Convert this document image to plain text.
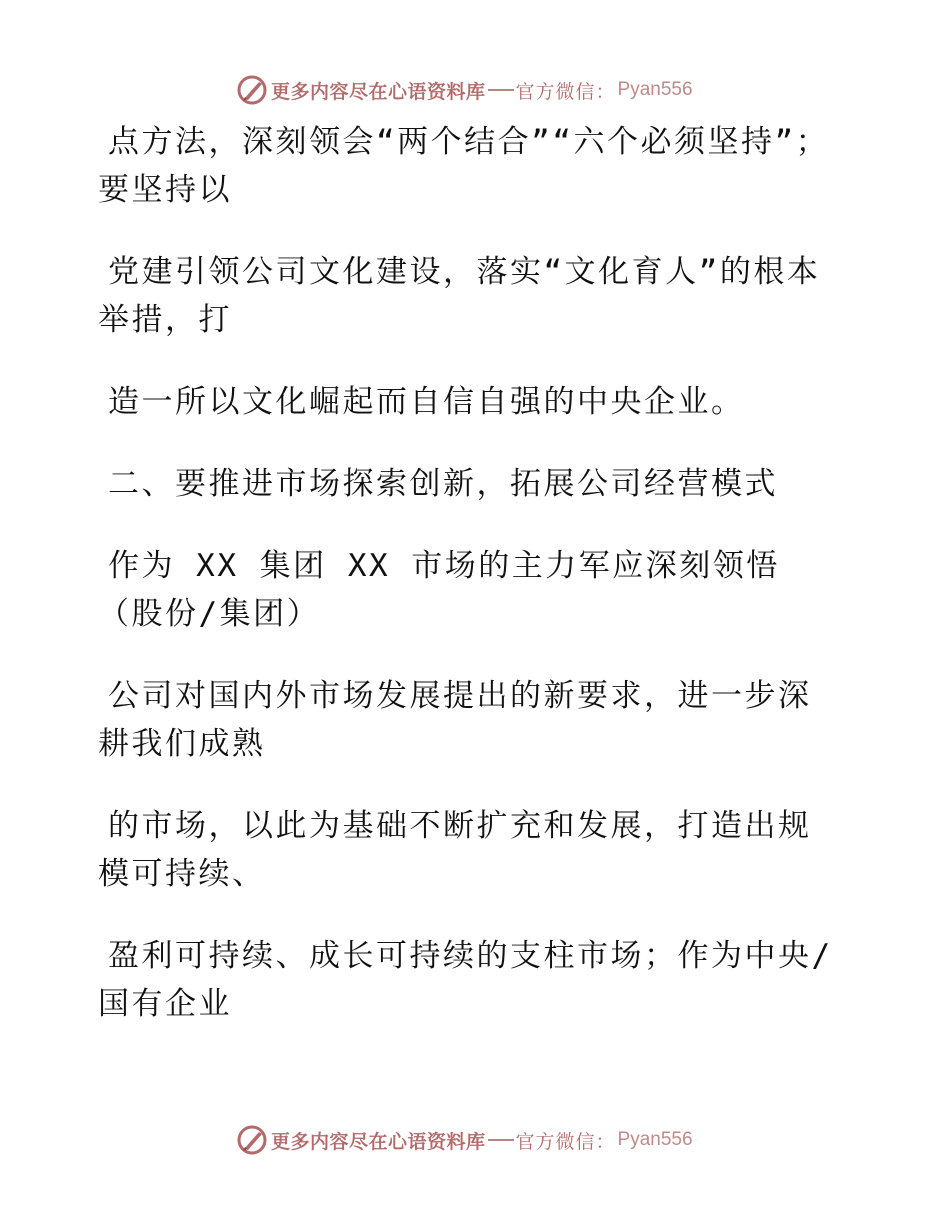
更多内容尽在心语资料库 官方微信： Pyan556

点方法，深刻领会“两个结合”“六个必须坚持”；要坚持以

党建引领公司文化建设，落实“文化育人”的根本举措，打

造一所以文化崛起而自信自强的中央企业。

二、要推进市场探索创新，拓展公司经营模式

作为 XX 集团 XX 市场的主力军应深刻领悟（股份/集团）

公司对国内外市场发展提出的新要求，进一步深耕我们成熟

的市场，以此为基础不断扩充和发展，打造出规模可持续、

盈利可持续、成长可持续的支柱市场；作为中央/国有企业

更多内容尽在心语资料库 官方微信： Pyan556
